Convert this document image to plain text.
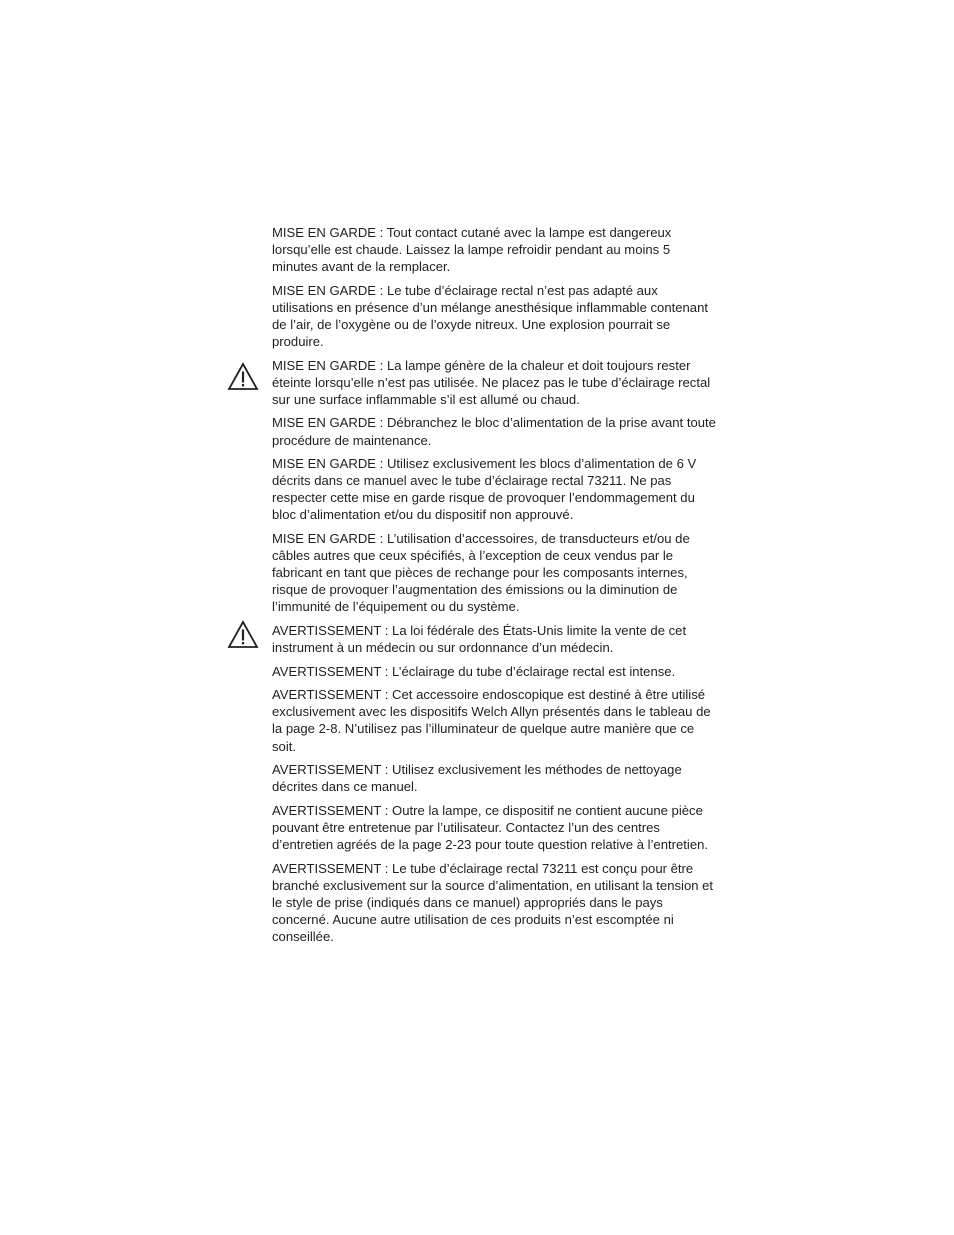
MISE EN GARDE : Tout contact cutané avec la lampe est dangereux lorsqu’elle est chaude. Laissez la lampe refroidir pendant au moins 5 minutes avant de la remplacer.
MISE EN GARDE : Le tube d’éclairage rectal n’est pas adapté aux utilisations en présence d’un mélange anesthésique inflammable contenant de l’air, de l’oxygène ou de l’oxyde nitreux. Une explosion pourrait se produire.
MISE EN GARDE : La lampe génère de la chaleur et doit toujours rester éteinte lorsqu’elle n’est pas utilisée. Ne placez pas le tube d’éclairage rectal sur une surface inflammable s’il est allumé ou chaud.
MISE EN GARDE : Débranchez le bloc d’alimentation de la prise avant toute procédure de maintenance.
MISE EN GARDE : Utilisez exclusivement les blocs d’alimentation de 6 V décrits dans ce manuel avec le tube d’éclairage rectal 73211. Ne pas respecter cette mise en garde risque de provoquer l’endommagement du bloc d’alimentation et/ou du dispositif non approuvé.
MISE EN GARDE : L’utilisation d’accessoires, de transducteurs et/ou de câbles autres que ceux spécifiés, à l’exception de ceux vendus par le fabricant en tant que pièces de rechange pour les composants internes, risque de provoquer l’augmentation des émissions ou la diminution de l’immunité de l’équipement ou du système.
AVERTISSEMENT : La loi fédérale des États-Unis limite la vente de cet instrument à un médecin ou sur ordonnance d’un médecin.
AVERTISSEMENT : L’éclairage du tube d’éclairage rectal est intense.
AVERTISSEMENT : Cet accessoire endoscopique est destiné à être utilisé exclusivement avec les dispositifs Welch Allyn présentés dans le tableau de la page 2-8. N’utilisez pas l’illuminateur de quelque autre manière que ce soit.
AVERTISSEMENT : Utilisez exclusivement les méthodes de nettoyage décrites dans ce manuel.
AVERTISSEMENT : Outre la lampe, ce dispositif ne contient aucune pièce pouvant être entretenue par l’utilisateur. Contactez l’un des centres d’entretien agréés de la page 2-23 pour toute question relative à l’entretien.
AVERTISSEMENT : Le tube d’éclairage rectal 73211 est conçu pour être branché exclusivement sur la source d’alimentation, en utilisant la tension et le style de prise (indiqués dans ce manuel) appropriés dans le pays concerné. Aucune autre utilisation de ces produits n’est escomptée ni conseillée.
